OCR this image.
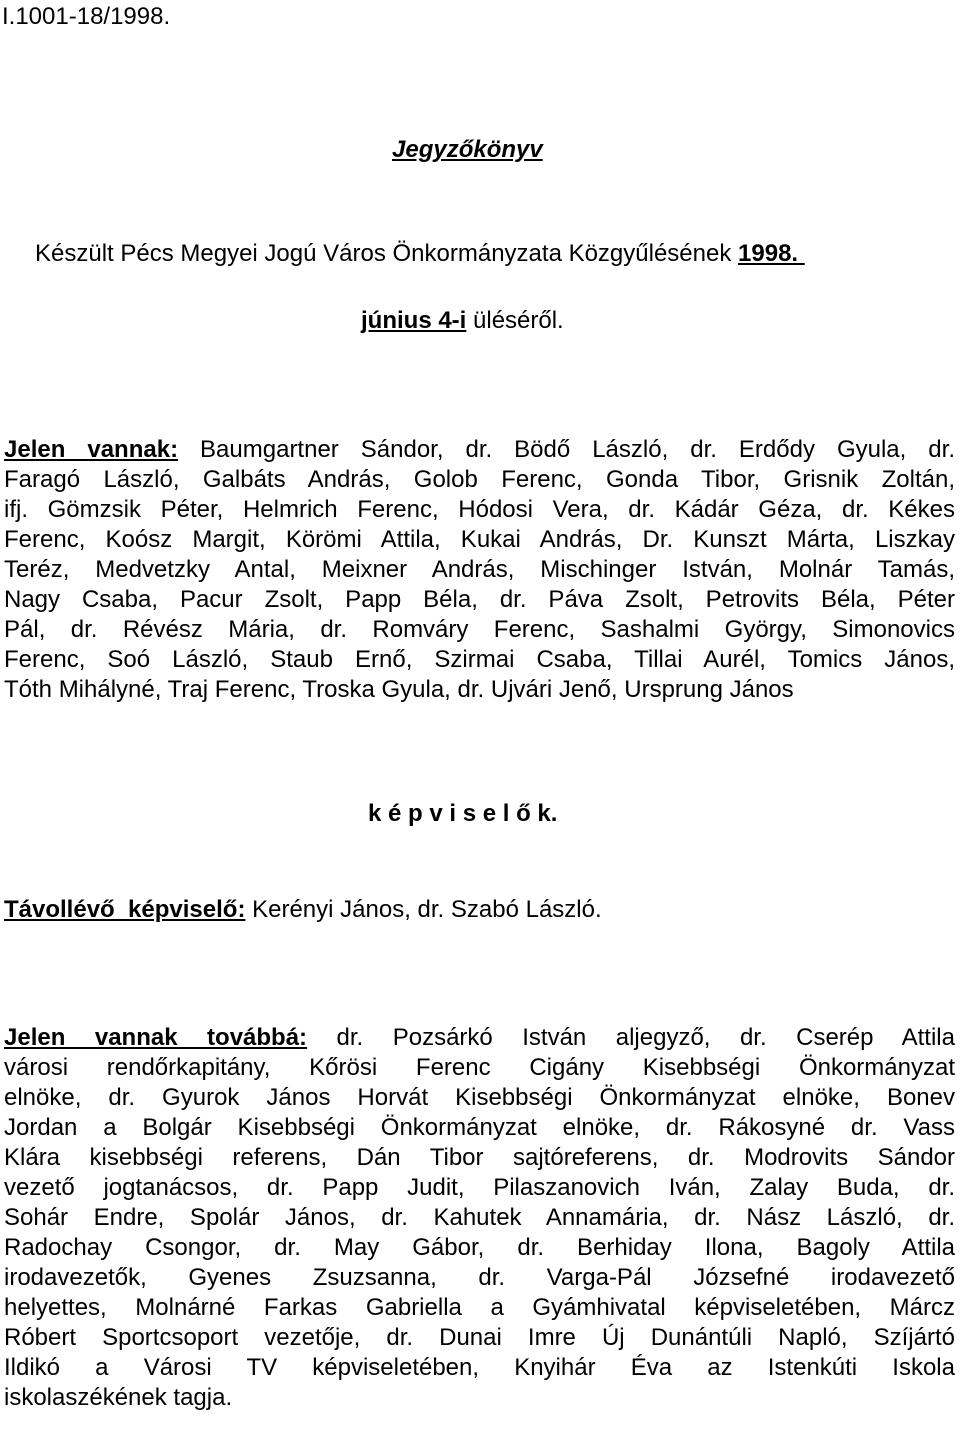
I.1001-18/1998.
Jegyzőkönyv
Készült Pécs Megyei Jogú Város Önkormányzata Közgyűlésének 1998.
június 4-i üléséről.
Jelen vannak: Baumgartner Sándor, dr. Bödő László, dr. Erdődy Gyula, dr.
Faragó László, Galbáts András, Golob Ferenc, Gonda Tibor, Grisnik Zoltán,
ifj. Gömzsik Péter, Helmrich Ferenc, Hódosi Vera, dr. Kádár Géza, dr. Kékes
Ferenc, Koósz Margit, Körömi Attila, Kukai András, Dr. Kunszt Márta, Liszkay
Teréz, Medvetzky Antal, Meixner András, Mischinger István, Molnár Tamás,
Nagy Csaba, Pacur Zsolt, Papp Béla, dr. Páva Zsolt, Petrovits Béla, Péter
Pál, dr. Révész Mária, dr. Romváry Ferenc, Sashalmi György, Simonovics
Ferenc, Soó László, Staub Ernő, Szirmai Csaba, Tillai Aurél, Tomics János,
Tóth Mihályné, Traj Ferenc, Troska Gyula, dr. Ujvári Jenő, Ursprung János
k é p v i s e l ő k.
Távollévő  képviselő: Kerényi János, dr. Szabó László.
Jelen vannak továbbá: dr. Pozsárkó István aljegyző, dr. Cserép Attila
városi rendőrkapitány, Kőrösi Ferenc Cigány Kisebbségi Önkormányzat
elnöke, dr. Gyurok János Horvát Kisebbségi Önkormányzat elnöke, Bonev
Jordan a Bolgár Kisebbségi Önkormányzat elnöke, dr. Rákosyné dr. Vass
Klára kisebbségi referens, Dán Tibor sajtóreferens, dr. Modrovits Sándor
vezető jogtanácsos, dr. Papp Judit, Pilaszanovich Iván, Zalay Buda, dr.
Sohár Endre, Spolár János, dr. Kahutek Annamária, dr. Nász László, dr.
Radochay Csongor, dr. May Gábor, dr. Berhiday Ilona, Bagoly Attila
irodavezetők, Gyenes Zsuzsanna, dr. Varga-Pál Józsefné irodavezető
helyettes, Molnárné Farkas Gabriella a Gyámhivatal képviseletében, Márcz
Róbert Sportcsoport vezetője, dr. Dunai Imre Új Dunántúli Napló, Szíjártó
Ildikó a Városi TV képviseletében, Knyihár Éva az Istenkúti Iskola
iskolaszékének tagja.
